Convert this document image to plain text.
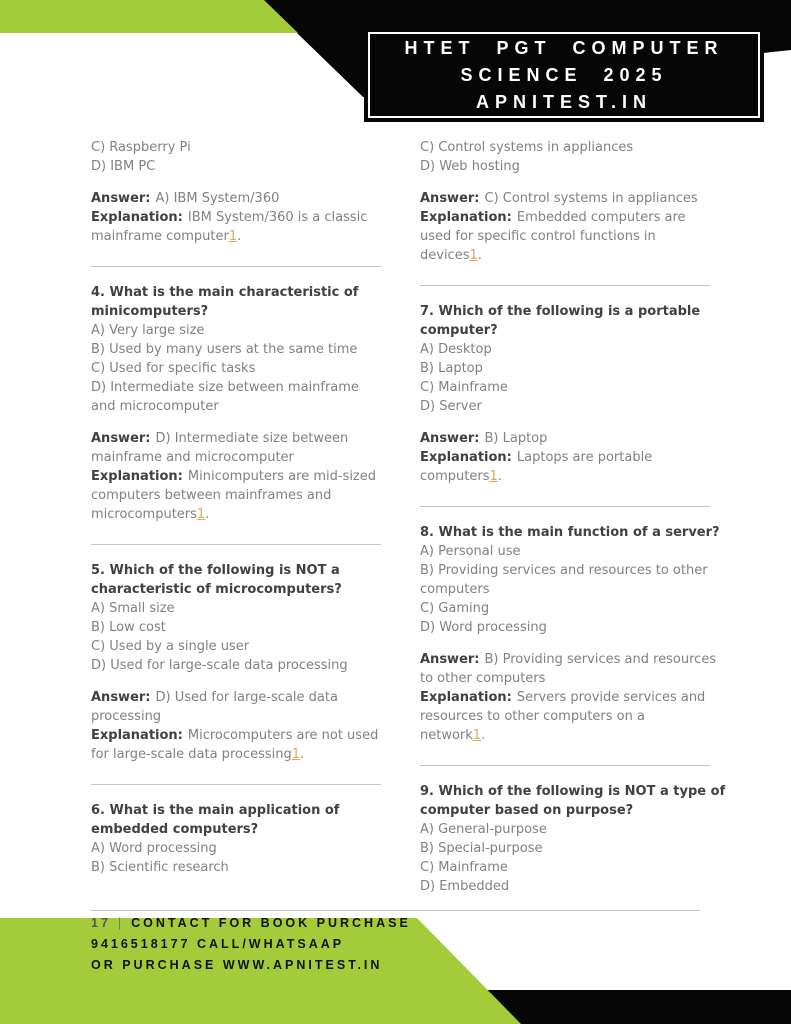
HTET PGT COMPUTER
SCIENCE 2025
APNITEST.IN
C) Raspberry Pi
D) IBM PC
Answer: A) IBM System/360
Explanation: IBM System/360 is a classic
mainframe computer1.
4. What is the main characteristic of
minicomputers?
A) Very large size
B) Used by many users at the same time
C) Used for specific tasks
D) Intermediate size between mainframe
and microcomputer
Answer: D) Intermediate size between
mainframe and microcomputer
Explanation: Minicomputers are mid-sized
computers between mainframes and
microcomputers1.
5. Which of the following is NOT a
characteristic of microcomputers?
A) Small size
B) Low cost
C) Used by a single user
D) Used for large-scale data processing
Answer: D) Used for large-scale data
processing
Explanation: Microcomputers are not used
for large-scale data processing1.
6. What is the main application of
embedded computers?
A) Word processing
B) Scientific research
C) Control systems in appliances
D) Web hosting
Answer: C) Control systems in appliances
Explanation: Embedded computers are
used for specific control functions in
devices1.
7. Which of the following is a portable
computer?
A) Desktop
B) Laptop
C) Mainframe
D) Server
Answer: B) Laptop
Explanation: Laptops are portable
computers1.
8. What is the main function of a server?
A) Personal use
B) Providing services and resources to other
computers
C) Gaming
D) Word processing
Answer: B) Providing services and resources
to other computers
Explanation: Servers provide services and
resources to other computers on a
network1.
9. Which of the following is NOT a type of
computer based on purpose?
A) General-purpose
B) Special-purpose
C) Mainframe
D) Embedded
17 | CONTACT FOR BOOK PURCHASE
9416518177 CALL/WHATSAAP
OR PURCHASE WWW.APNITEST.IN
